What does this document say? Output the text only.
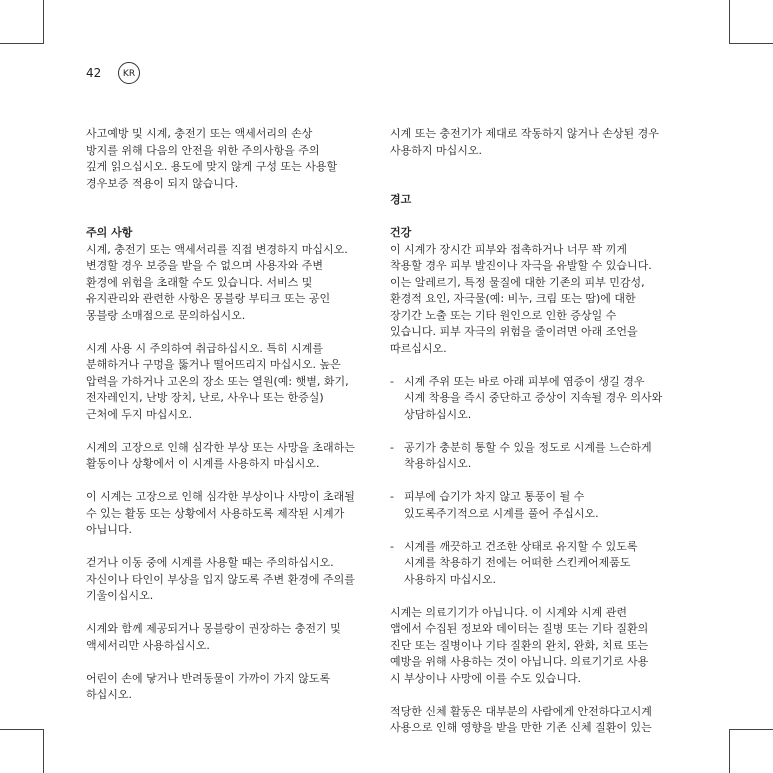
42	KR

사고예방 및 시계, 충전기 또는 액세서리의 손상
방지를 위해 다음의 안전을 위한 주의사항을 주의
깊게 읽으십시오. 용도에 맞지 않게 구성 또는 사용할
경우보증 적용이 되지 않습니다.

주의 사항

시계, 충전기 또는 액세서리를 직접 변경하지 마십시오.
변경할 경우 보증을 받을 수 없으며 사용자와 주변
환경에 위험을 초래할 수도 있습니다. 서비스 및
유지관리와 관련한 사항은 몽블랑 부티크 또는 공인
몽블랑 소매점으로 문의하십시오.

시계 사용 시 주의하여 취급하십시오. 특히 시계를
분해하거나 구멍을 뚫거나 떨어뜨리지 마십시오. 높은
압력을 가하거나 고온의 장소 또는 열원(예: 햇볕, 화기,
전자레인지, 난방 장치, 난로, 사우나 또는 한증실)
근처에 두지 마십시오.

시계의 고장으로 인해 심각한 부상 또는 사망을 초래하는
활동이나 상황에서 이 시계를 사용하지 마십시오.

이 시계는 고장으로 인해 심각한 부상이나 사망이 초래될
수 있는 활동 또는 상황에서 사용하도록 제작된 시계가
아닙니다.

걷거나 이동 중에 시계를 사용할 때는 주의하십시오.
자신이나 타인이 부상을 입지 않도록 주변 환경에 주의를
기울이십시오.

시계와 함께 제공되거나 몽블랑이 권장하는 충전기 및
액세서리만 사용하십시오.

어린이 손에 닿거나 반려동물이 가까이 가지 않도록
하십시오.

시계 또는 충전기가 제대로 작동하지 않거나 손상된 경우
사용하지 마십시오.

경고

건강

이 시계가 장시간 피부와 접촉하거나 너무 꽉 끼게
착용할 경우 피부 발진이나 자극을 유발할 수 있습니다.
이는 알레르기, 특정 물질에 대한 기존의 피부 민감성,
환경적 요인, 자극물(예: 비누, 크림 또는 땀)에 대한
장기간 노출 또는 기타 원인으로 인한 증상일 수
있습니다. 피부 자극의 위험을 줄이려면 아래 조언을
따르십시오.

- 시계 주위 또는 바로 아래 피부에 염증이 생길 경우
시계 착용을 즉시 중단하고 증상이 지속될 경우 의사와
상담하십시오.

- 공기가 충분히 통할 수 있을 정도로 시계를 느슨하게
착용하십시오.

- 피부에 습기가 차지 않고 통풍이 될 수
있도록주기적으로 시계를 풀어 주십시오.

- 시계를 깨끗하고 건조한 상태로 유지할 수 있도록
시계를 착용하기 전에는 어떠한 스킨케어제품도
사용하지 마십시오.

시계는 의료기기가 아닙니다. 이 시계와 시계 관련
앱에서 수집된 정보와 데이터는 질병 또는 기타 질환의
진단 또는 질병이나 기타 질환의 완치, 완화, 치료 또는
예방을 위해 사용하는 것이 아닙니다. 의료기기로 사용
시 부상이나 사망에 이를 수도 있습니다.

적당한 신체 활동은 대부분의 사람에게 안전하다고시계
사용으로 인해 영향을 받을 만한 기존 신체 질환이 있는
